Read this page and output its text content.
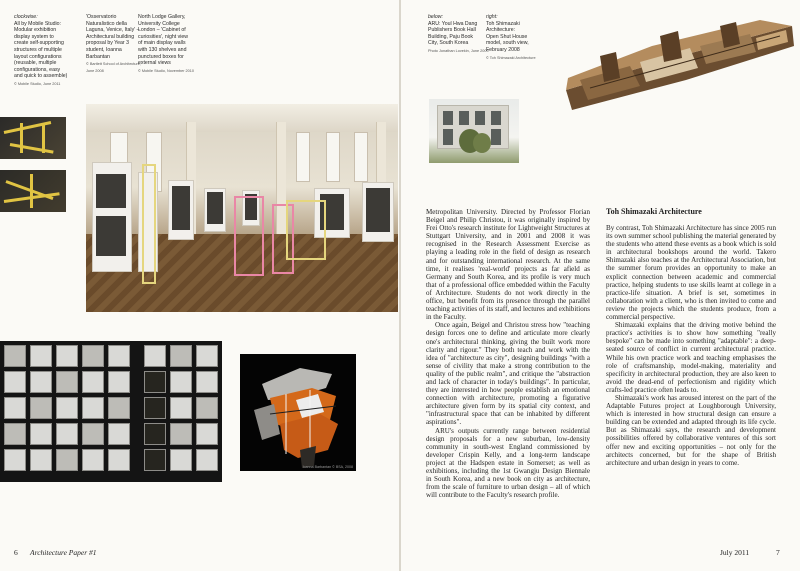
clockwise:
All by Mobile Studio:
Modular exhibition
display system to
create self-supporting
structures of multiple
layout configurations
(reusable, multiple
configurations, easy
and quick to assemble)
© Mobile Studio, June 2011
'Osservatorio
Naturalistico della
Laguna, Venice, Italy' –
Architectural building
proposal by Year 3
student, Ioanna
Barbantan
© Bartlett School of Architecture, June 2008
North Lodge Gallery,
University College
London – 'Cabinet of
curiosities', night view
of main display walls
with 130 shelves and
punctured boxes for
external views
© Mobile Studio, November 2010
Ioanna Barbantan © BSA, 2008

Metropolitan University. Directed by Professor Florian Beigel and Philip Christou, it was originally inspired by Frei Otto's research institute for Lightweight Structures at Stuttgart University, and in 2001 and 2008 it was recognised in the Research Assessment Exercise as playing a leading role in the field of design as research and for outstanding international research. At the same time, it realises 'real-world' projects as far afield as Germany and South Korea, and its profile is very much that of a professional office embedded within the Faculty of Architecture. Students do not work directly in the office, but benefit from its presence through the parallel teaching activities of its staff, and lectures and exhibitions in the Faculty.

Once again, Beigel and Christou stress how "teaching design forces one to define and articulate more clearly one's architectural thinking, giving the built work more clarity and rigour." They both teach and work with the idea of "architecture as city", designing buildings "with a sense of civility that make a strong contribution to the quality of the public realm", and critique the "abstraction and lack of character in today's buildings". In particular, they are interested in how people establish an emotional connection with architecture, promoting a figurative architecture given form by its spatial city context, and "infrastructural space that can be inhabited by different aspirations".

ARU's outputs currently range between residential design proposals for a new suburban, low-density community in south-west England commissioned by developer Crispin Kelly, and a long-term landscape project at the Hadspen estate in Somerset; as well as exhibitions, including the 1st Gwangju Design Biennale in South Korea, and a new book on city as architecture, from the scale of furniture to urban design – all of which will contribute to the Faculty's research profile.

below:
ARU: Youl Hwa Dang
Publishers Book Hall
Building, Paju Book
City, South Korea
Photo Jonathan Lovekin, June 2009
right:
Toh Shimazaki
Architecture:
Open Shut House
model, south view,
February 2008
© Toh Shimazaki Architecture
Toh Shimazaki Architecture

By contrast, Toh Shimazaki Architecture has since 2005 run its own summer school publishing the material generated by the students who attend these events as a book which is sold in architectural bookshops around the world. Takero Shimazaki also teaches at the Architectural Association, but the summer forum provides an opportunity to make an explicit connection between academic and commercial practice, helping students to use skills learnt at college in a practice-life situation. A brief is set, sometimes in collaboration with a client, who is then invited to come and review the projects which the students produce, from a commercial perspective.

Shimazaki explains that the driving motive behind the practice's activities is to show how something "really bespoke" can be made into something "adaptable": a deep-seated source of conflict in current architectural practice. While his own practice work and teaching emphasises the role of craftsmanship, model-making, materiality and specificity in architectural production, they are also keen to avoid the dead-end of perfectionism and rigidity which crafts-led practice often leads to.

Shimazaki's work has aroused interest on the part of the Adaptable Futures project at Loughborough University, which is interested in how structural design can ensure a building can be extended and adapted through its life cycle. But as Shimazaki says, the research and development possibilities offered by collaborative ventures of this sort offer new and exciting opportunities – not only for the architects concerned, but for the shape of British architecture and urban design in years to come.

6 Architecture Paper #1	July 2011	7
